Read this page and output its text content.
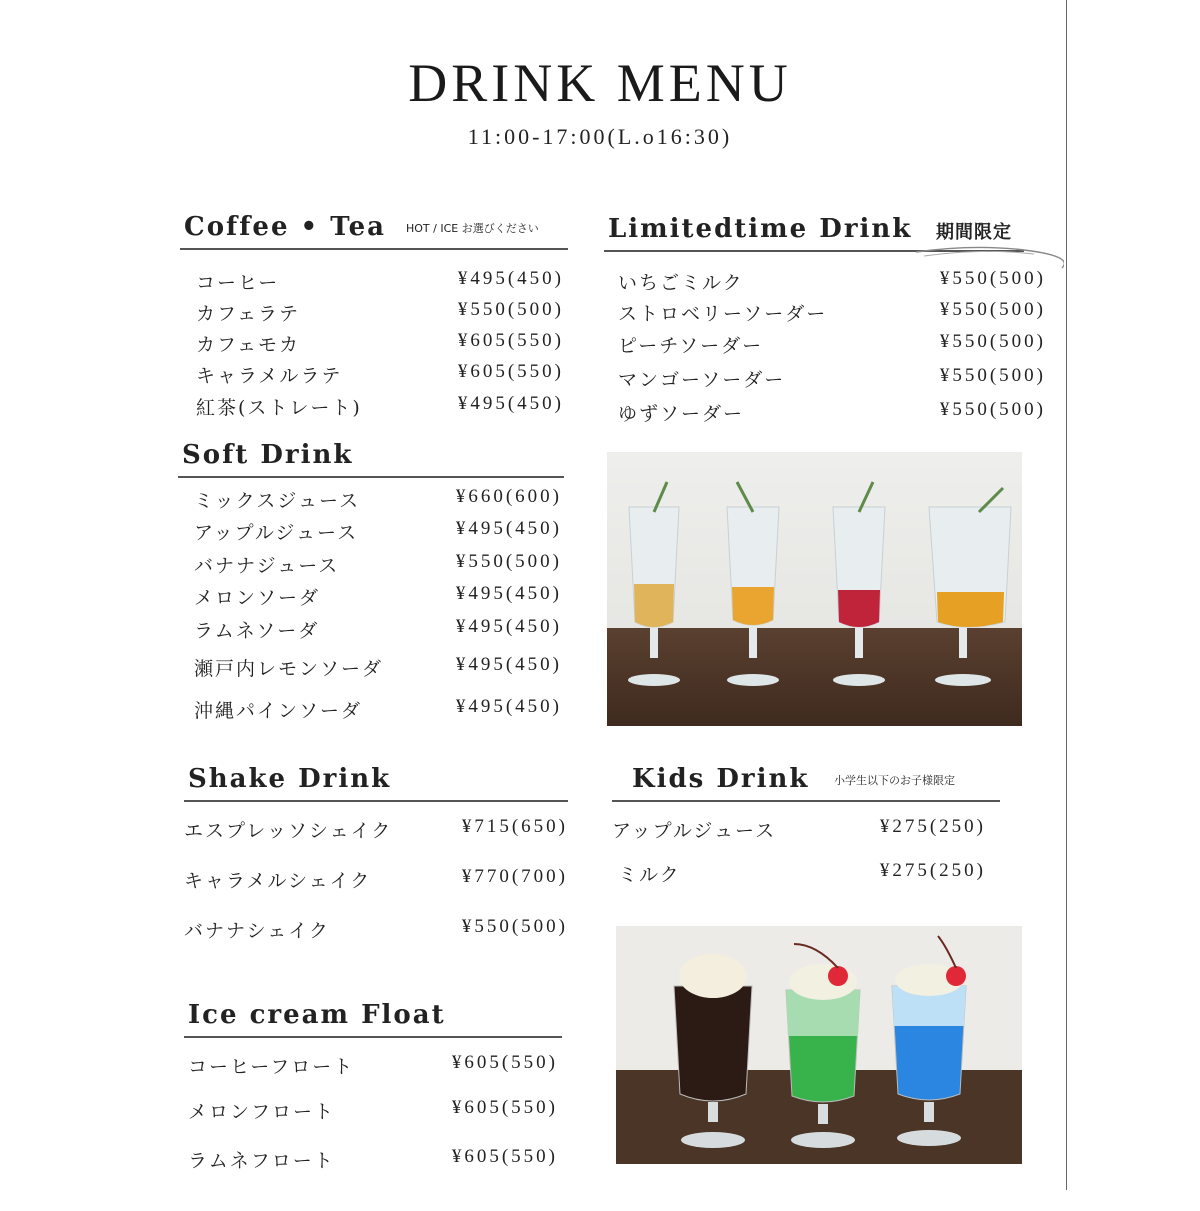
DRINK MENU
11:00-17:00(L.o16:30)
Coffee • Tea HOT / ICE お選びください
コーヒー	¥495(450)
カフェラテ	¥550(500)
カフェモカ	¥605(550)
キャラメルラテ	¥605(550)
紅茶(ストレート)	¥495(450)
Soft Drink
ミックスジュース	¥660(600)
アップルジュース	¥495(450)
バナナジュース	¥550(500)
メロンソーダ	¥495(450)
ラムネソーダ	¥495(450)
瀬戸内レモンソーダ	¥495(450)
沖縄パインソーダ	¥495(450)
Shake Drink
エスプレッソシェイク	¥715(650)
キャラメルシェイク	¥770(700)
バナナシェイク	¥550(500)
Ice cream Float
コーヒーフロート	¥605(550)
メロンフロート	¥605(550)
ラムネフロート	¥605(550)
Limitedtime Drink 期間限定
いちごミルク	¥550(500)
ストロベリーソーダー	¥550(500)
ピーチソーダー	¥550(500)
マンゴーソーダー	¥550(500)
ゆずソーダー	¥550(500)
Kids Drink 小学生以下のお子様限定
アップルジュース	¥275(250)
ミルク	¥275(250)
